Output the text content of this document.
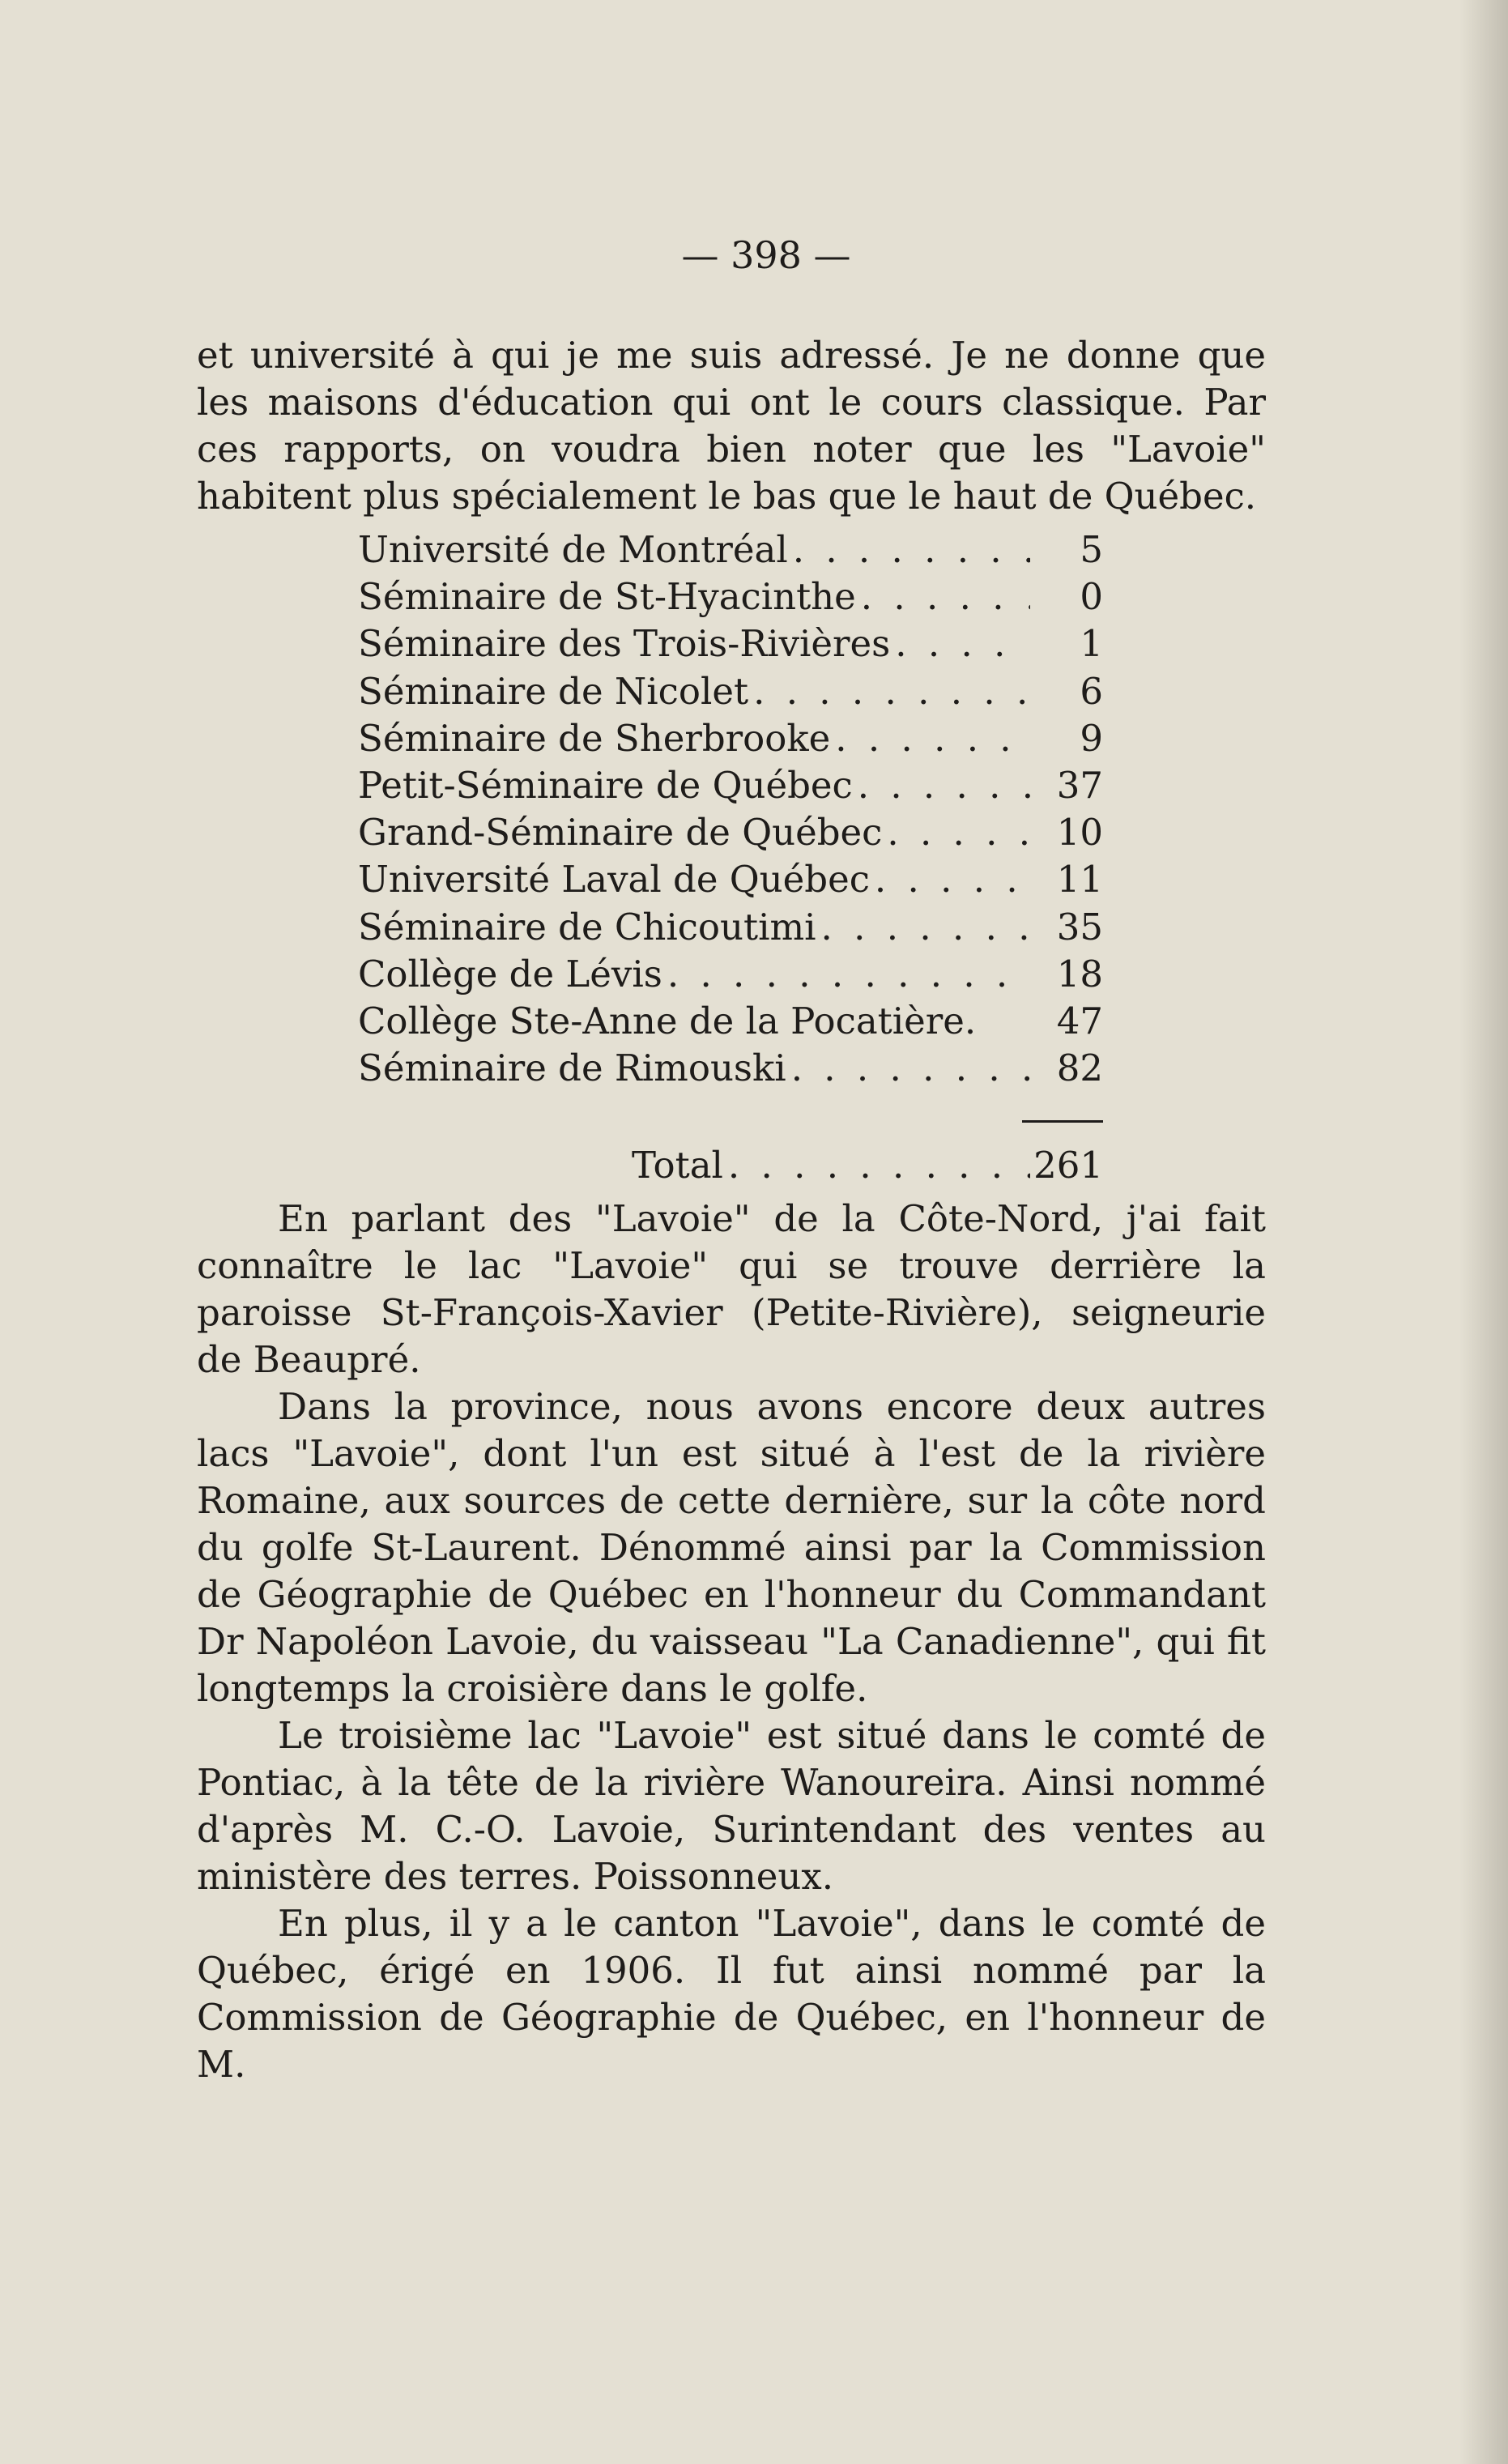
— 398 —

et université à qui je me suis adressé. Je ne donne que les maisons d'éducation qui ont le cours classique. Par ces rapports, on voudra bien noter que les "Lavoie" habitent plus spécialement le bas que le haut de Québec.

Université de Montréal . . .	5
Séminaire de St-Hyacinthe . . .	0
Séminaire des Trois-Rivières . . .	1
Séminaire de Nicolet . . .	6
Séminaire de Sherbrooke . . .	9
Petit-Séminaire de Québec . . .	37
Grand-Séminaire de Québec . . .	10
Université Laval de Québec . . .	11
Séminaire de Chicoutimi . . .	35
Collège de Lévis . . .	18
Collège Ste-Anne de la Pocatière.	47
Séminaire de Rimouski . . .	82
Total . . .	261

En parlant des "Lavoie" de la Côte-Nord, j'ai fait connaître le lac "Lavoie" qui se trouve derrière la paroisse St-François-Xavier (Petite-Rivière), seigneurie de Beaupré.

Dans la province, nous avons encore deux autres lacs "Lavoie", dont l'un est situé à l'est de la rivière Romaine, aux sources de cette dernière, sur la côte nord du golfe St-Laurent. Dénommé ainsi par la Commission de Géographie de Québec en l'honneur du Commandant Dr Napoléon Lavoie, du vaisseau "La Canadienne", qui fit longtemps la croisière dans le golfe.

Le troisième lac "Lavoie" est situé dans le comté de Pontiac, à la tête de la rivière Wanoureira. Ainsi nommé d'après M. C.-O. Lavoie, Surintendant des ventes au ministère des terres. Poissonneux.

En plus, il y a le canton "Lavoie", dans le comté de Québec, érigé en 1906. Il fut ainsi nommé par la Commission de Géographie de Québec, en l'honneur de M.
